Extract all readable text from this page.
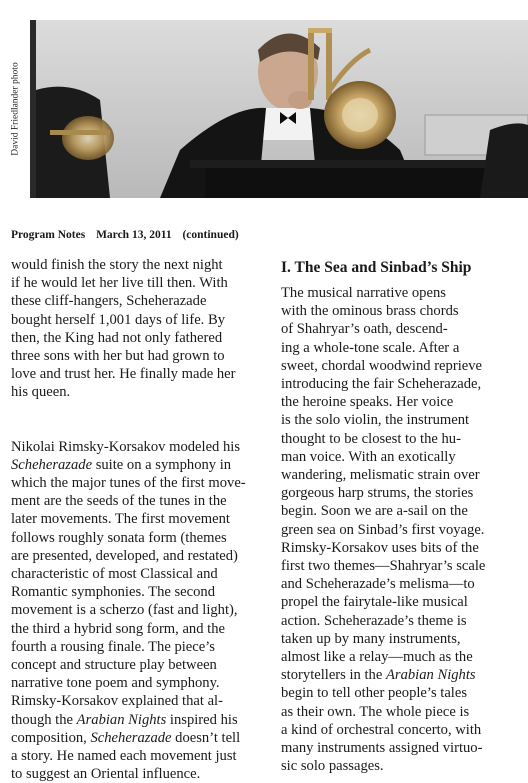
David Friedlander photo
Program Notes March 13, 2011 (continued)

would finish the story the next night
if he would let her live till then. With
these cliff-hangers, Scheherazade
bought herself 1,001 days of life. By
then, the King had not only fathered
three sons with her but had grown to
love and trust her. He finally made her
his queen.

Nikolai Rimsky-Korsakov modeled his
Scheherazade suite on a symphony in
which the major tunes of the first move-
ment are the seeds of the tunes in the
later movements. The first movement
follows roughly sonata form (themes
are presented, developed, and restated)
characteristic of most Classical and
Romantic symphonies. The second
movement is a scherzo (fast and light),
the third a hybrid song form, and the
fourth a rousing finale. The piece’s
concept and structure play between
narrative tone poem and symphony.
Rimsky-Korsakov explained that al-
though the Arabian Nights inspired his
composition, Scheherazade doesn’t tell
a story. He named each movement just
to suggest an Oriental influence.

I. The Sea and Sinbad’s Ship

The musical narrative opens
with the ominous brass chords
of Shahryar’s oath, descend-
ing a whole-tone scale. After a
sweet, chordal woodwind reprieve
introducing the fair Scheherazade,
the heroine speaks. Her voice
is the solo violin, the instrument
thought to be closest to the hu-
man voice. With an exotically
wandering, melismatic strain over
gorgeous harp strums, the stories
begin. Soon we are a-sail on the
green sea on Sinbad’s first voyage.
Rimsky-Korsakov uses bits of the
first two themes—Shahryar’s scale
and Scheherazade’s melisma—to
propel the fairytale-like musical
action. Scheherazade’s theme is
taken up by many instruments,
almost like a relay—much as the
storytellers in the Arabian Nights
begin to tell other people’s tales
as their own. The whole piece is
a kind of orchestral concerto, with
many instruments assigned virtuo-
sic solo passages.
